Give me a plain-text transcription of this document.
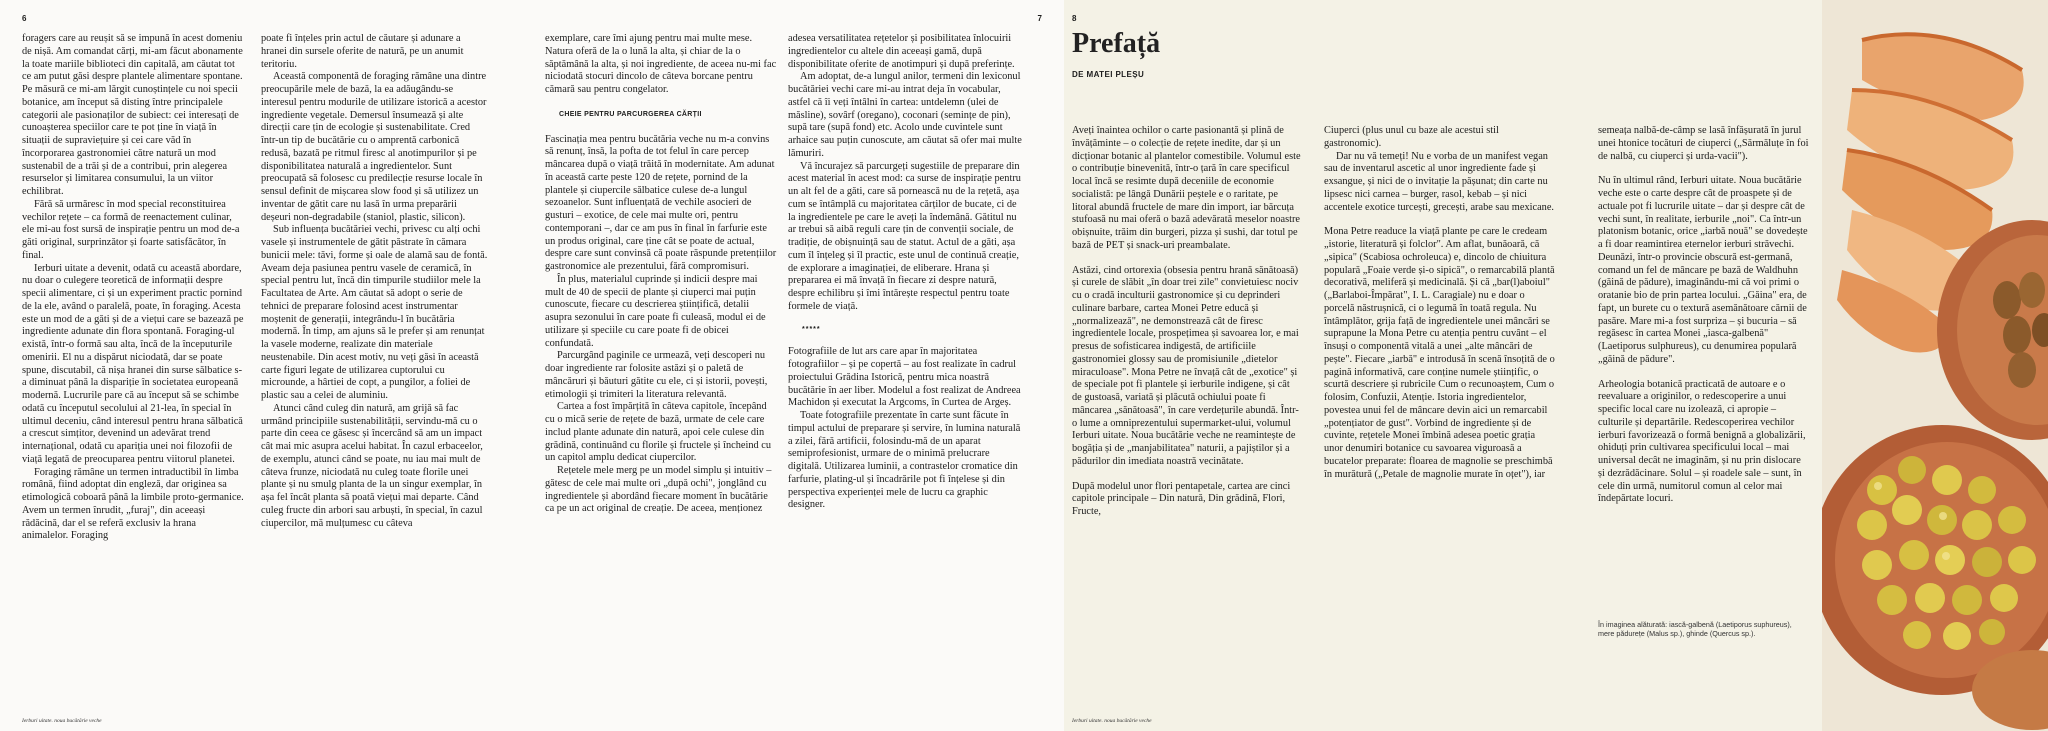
6

foragers care au reușit să se impună în acest domeniu de nișă. Am comandat cărți, mi-am făcut abonamente la toate mariile biblioteci din capitală, am căutat tot ce am putut găsi despre plantele alimentare spontane. Pe măsură ce mi-am lărgit cunoștințele cu noi specii botanice, am început să disting între principalele categorii ale pasionaților de subiect: cei interesați de cunoașterea speciilor care te pot ține în viață în situații de supraviețuire și cei care văd în încorporarea gastronomiei către natură un mod sustenabil de a trăi și de a contribui, prin alegerea resurselor și limitarea consumului, la un viitor echilibrat.

Fără să urmăresc în mod special reconstituirea vechilor rețete – ca formă de reenactement culinar, ele mi-au fost sursă de inspirație pentru un mod de-a găti original, surprinzător și foarte satisfăcător, în final.

Ierburi uitate a devenit, odată cu această abordare, nu doar o culegere teoretică de informații despre specii alimentare, ci și un experiment practic pornind de la ele, având o paralelă, poate, în foraging. Acesta este un mod de a găti și de a viețui care se bazează pe ingrediente adunate din flora spontană. Foraging-ul există, într-o formă sau alta, încă de la începuturile omenirii. El nu a dispărut niciodată, dar se poate spune, discutabil, că nișa hranei din surse sălbatice s-a diminuat până la dispariție în societatea europeană modernă. Lucrurile pare că au început să se schimbe odată cu începutul secolului al 21-lea, în special în ultimul deceniu, când interesul pentru hrana sălbatică a crescut simțitor, devenind un adevărat trend internațional, odată cu apariția unei noi filozofii de viață legată de preocuparea pentru viitorul planetei.

Foraging rămâne un termen intraductibil în limba română, fiind adoptat din engleză, dar originea sa etimologică coboară până la limbile proto-germanice. Avem un termen înrudit, „furaj", din aceeași rădăcină, dar el se referă exclusiv la hrana animalelor. Foraging

poate fi înțeles prin actul de căutare și adunare a hranei din sursele oferite de natură, pe un anumit teritoriu.

Această componentă de foraging rămâne una dintre preocupările mele de bază, la ea adăugându-se interesul pentru modurile de utilizare istorică a acestor ingrediente vegetale. Demersul însumează și alte direcții care țin de ecologie și sustenabilitate. Cred într-un tip de bucătărie cu o amprentă carbonică redusă, bazată pe ritmul firesc al anotimpurilor și pe disponibilitatea naturală a ingredientelor. Sunt preocupată să folosesc cu predilecție resurse locale în sensul definit de mișcarea slow food și să utilizez un inventar de gătit care nu lasă în urma preparării deșeuri non-degradabile (staniol, plastic, silicon).

Sub influența bucătăriei vechi, privesc cu alți ochi vasele și instrumentele de gătit păstrate în cămara bunicii mele: tăvi, forme și oale de alamă sau de fontă. Aveam deja pasiunea pentru vasele de ceramică, în special pentru lut, încă din timpurile studiilor mele la Facultatea de Arte. Am căutat să adopt o serie de tehnici de preparare folosind acest instrumentar moștenit de generații, integrându-l în bucătăria modernă. În timp, am ajuns să le prefer și am renunțat la vasele moderne, realizate din materiale neustenabile. Din acest motiv, nu veți găsi în această carte figuri legate de utilizarea cuptorului cu microunde, a hârtiei de copt, a pungilor, a foliei de plastic sau a celei de aluminiu.

Atunci când culeg din natură, am grijă să fac urmând principiile sustenabilității, servindu-mă cu o parte din ceea ce găsesc și încercând să am un impact cât mai mic asupra acelui habitat. În cazul erbaceelor, de exemplu, atunci când se poate, nu iau mai mult de câteva frunze, niciodată nu culeg toate florile unei plante și nu smulg planta de la un singur exemplar, în așa fel încât planta să poată viețui mai departe. Când culeg fructe din arbori sau arbuști, în special, în cazul ciupercilor, mă mulțumesc cu câteva

Ierburi uitate. noua bucătărie veche
7

exemplare, care îmi ajung pentru mai multe mese. Natura oferă de la o lună la alta, și chiar de la o săptămână la alta, și noi ingrediente, de aceea nu-mi fac niciodată stocuri dincolo de câteva borcane pentru cămară sau pentru congelator.

CHEIE PENTRU PARCURGEREA CĂRȚII

Fascinația mea pentru bucătăria veche nu m-a convins să renunț, însă, la pofta de tot felul în care percep mâncarea după o viață trăită în modernitate. Am adunat în această carte peste 120 de rețete, pornind de la plantele și ciupercile sălbatice culese de-a lungul sezoanelor. Sunt influențată de vechile asocieri de gusturi – exotice, de cele mai multe ori, pentru contemporani –, dar ce am pus în final în farfurie este un produs original, care ține cât se poate de actual, despre care sunt convinsă că poate răspunde pretențiilor gastronomice ale prezentului, fără compromisuri.

În plus, materialul cuprinde și indicii despre mai mult de 40 de specii de plante și ciuperci mai puțin cunoscute, fiecare cu descrierea științifică, detalii asupra sezonului în care poate fi culeasă, modul ei de utilizare și speciile cu care poate fi de obicei confundată.

Parcurgând paginile ce urmează, veți descoperi nu doar ingrediente rar folosite astăzi și o paletă de mâncăruri și băuturi gătite cu ele, ci și istorii, povești, etimologii și trimiteri la literatura relevantă.

Cartea a fost împărțită în câteva capitole, începând cu o mică serie de rețete de bază, urmate de cele care includ plante adunate din natură, apoi cele culese din grădină, continuând cu florile și fructele și încheind cu un capitol amplu dedicat ciupercilor.

Rețetele mele merg pe un model simplu și intuitiv – gătesc de cele mai multe ori „după ochi", jonglând cu ingredientele și abordând fiecare moment în bucătărie ca pe un act original de creație. De aceea, menționez

adesea versatilitatea rețetelor și posibilitatea înlocuirii ingredientelor cu altele din aceeași gamă, după disponibilitate oferite de anotimpuri și după preferințe.

Am adoptat, de-a lungul anilor, termeni din lexiconul bucătăriei vechi care mi-au intrat deja în vocabular, astfel că îi veți întâlni în cartea: untdelemn (ulei de măsline), sovârf (oregano), coconari (semințe de pin), supă tare (supă fond) etc. Acolo unde cuvintele sunt arhaice sau puțin cunoscute, am căutat să ofer mai multe lămuriri.

Vă încurajez să parcurgeți sugestiile de preparare din acest material în acest mod: ca surse de inspirație pentru un alt fel de a găti, care să pornească nu de la rețetă, așa cum se întâmplă cu majoritatea cărților de bucate, ci de la ingredientele pe care le aveți la îndemână. Gătitul nu ar trebui să aibă reguli care țin de convenții sociale, de tradiție, de obișnuință sau de statut. Actul de a găti, așa cum îl înțeleg și îl practic, este unul de continuă creație, de explorare a imaginației, de eliberare. Hrana și prepararea ei mă învață în fiecare zi despre natură, despre echilibru și îmi întărește respectul pentru toate formele de viață.

*****

Fotografiile de lut ars care apar în majoritatea fotografiilor – și pe copertă – au fost realizate în cadrul proiectului Grădina Istorică, pentru mica noastră bucătărie în aer liber. Modelul a fost realizat de Andreea Machidon și executat la Argcoms, în Curtea de Argeș.

Toate fotografiile prezentate în carte sunt făcute în timpul actului de preparare și servire, în lumina naturală a zilei, fără artificii, folosindu-mă de un aparat semiprofesionist, urmare de o minimă prelucrare digitală. Utilizarea luminii, a contrastelor cromatice din farfurie, plating-ul și încadrările pot fi înțelese și din perspectiva experienței mele de lucru ca graphic designer.

8
Ierburi uitate. noua bucătărie veche
Prefață
DE MATEI PLEȘU

Aveți înaintea ochilor o carte pasionantă și plină de învățăminte – o colecție de rețete inedite, dar și un dicționar botanic al plantelor comestibile. Volumul este o contribuție binevenită, într-o țară în care specificul local încă se resimte după deceniile de economie socialistă: pe lângă Dunării peștele e o raritate, pe litoral abundă fructele de mare din import, iar bărcuța stufoasă nu mai oferă o bază adevărată meselor noastre obișnuite, trăim din burgeri, pizza și sushi, dar totul pe bază de PET și snack-uri preambalate.

Astăzi, cind ortorexia (obsesia pentru hrană sănătoasă) și curele de slăbit „în doar trei zile" convietuiesc nociv cu o cradă inculturii gastronomice și cu deprinderi culinare barbare, cartea Monei Petre educă și „normalizează", ne demonstrează cât de firesc ingredientele locale, prospețimea și savoarea lor, e mai presus de sofisticarea indigestă, de artificiile gastronomiei glossy sau de promisiunile „dietelor miraculoase". Mona Petre ne învață cât de „exotice" și de speciale pot fi plantele și ierburile indigene, și cât de gustoasă, variată și plăcută ochiului poate fi mâncarea „sănătoasă", în care verdețurile abundă. Într-o lume a omniprezentului supermarket-ului, volumul Ierburi uitate. Noua bucătărie veche ne reamintește de bogăția și de „manjabilitatea" naturii, a pajiștilor și a pădurilor din imediata noastră vecinătate.

După modelul unor flori pentapetale, cartea are cinci capitole principale – Din natură, Din grădină, Flori, Fructe,

Ciuperci (plus unul cu baze ale acestui stil gastronomic).

Dar nu vă temeți! Nu e vorba de un manifest vegan sau de inventarul ascetic al unor ingrediente fade și exsangue, și nici de o invitație la pășunat; din carte nu lipsesc nici carnea – burger, rasol, kebab – și nici accentele exotice turcești, grecești, arabe sau mexicane.

Mona Petre readuce la viață plante pe care le credeam „istorie, literatură și folclor". Am aflat, bunăoară, că „sipica" (Scabiosa ochroleuca) e, dincolo de chiuitura populară „Foaie verde și-o sipică", o remarcabilă plantă decorativă, meliferă și medicinală. Și că „bar(l)aboiul" („Barlaboi-Împărat", I. L. Caragiale) nu e doar o porcelă năstrușnică, ci o legumă în toată regula. Nu întâmplător, grija față de ingredientele unei mâncări se suprapune la Mona Petre cu atenția pentru cuvânt – el însuși o componentă vitală a unei „alte mâncări de pește". Fiecare „iarbă" e introdusă în scenă însoțită de o pagină informativă, care conține numele științific, o scurtă descriere și rubricile Cum o recunoaștem, Cum o folosim, Confuzii, Atenție. Istoria ingredientelor, povestea unui fel de mâncare devin aici un remarcabil „potențiator de gust". Vorbind de ingrediente și de cuvinte, rețetele Monei îmbină adesea poetic grația unor denumiri botanice cu savoarea viguroasă a bucatelor preparate: floarea de magnolie se preschimbă în murătură („Petale de magnolie murate în oțet"), iar

semeața nalbă-de-câmp se lasă înfășurată în jurul unei htonice tocături de ciuperci („Sărmăluțe în foi de nalbă, cu ciuperci și urda-vacii").

Nu în ultimul rând, Ierburi uitate. Noua bucătărie veche este o carte despre cât de proaspete și de actuale pot fi lucrurile uitate – dar și despre cât de vechi sunt, în realitate, ierburile „noi". Ca într-un platonism botanic, orice „iarbă nouă" se dovedește a fi doar reamintirea eternelor ierburi străvechi. Deunăzi, într-o provincie obscură est-germană, comand un fel de mâncare pe bază de Waldhuhn (găină de pădure), imaginându-mi că voi primi o oratanie bio de prin partea locului. „Găina" era, de fapt, un burete cu o textură asemănătoare cărnii de pasăre. Mare mi-a fost surpriza – și bucuria – să regăsesc în cartea Monei „iasca-galbenă" (Laetiporus sulphureus), cu denumirea populară „găină de pădure".

Arheologia botanică practicată de autoare e o reevaluare a originilor, o redescoperire a unui specific local care nu izolează, ci apropie – culturile și departările. Redescoperirea vechilor ierburi favorizează o formă benignă a globalizării, ohiduți prin cultivarea specificului local – mai universal decât ne imaginăm, și nu prin dislocare și dezrădăcinare. Solul – și roadele sale – sunt, în cele din urmă, numitorul comun al celor mai îndepărtate locuri.

În imaginea alăturată: iască-galbenă (Laetiporus suphureus), mere pădurețe (Malus sp.), ghinde (Quercus sp.).
